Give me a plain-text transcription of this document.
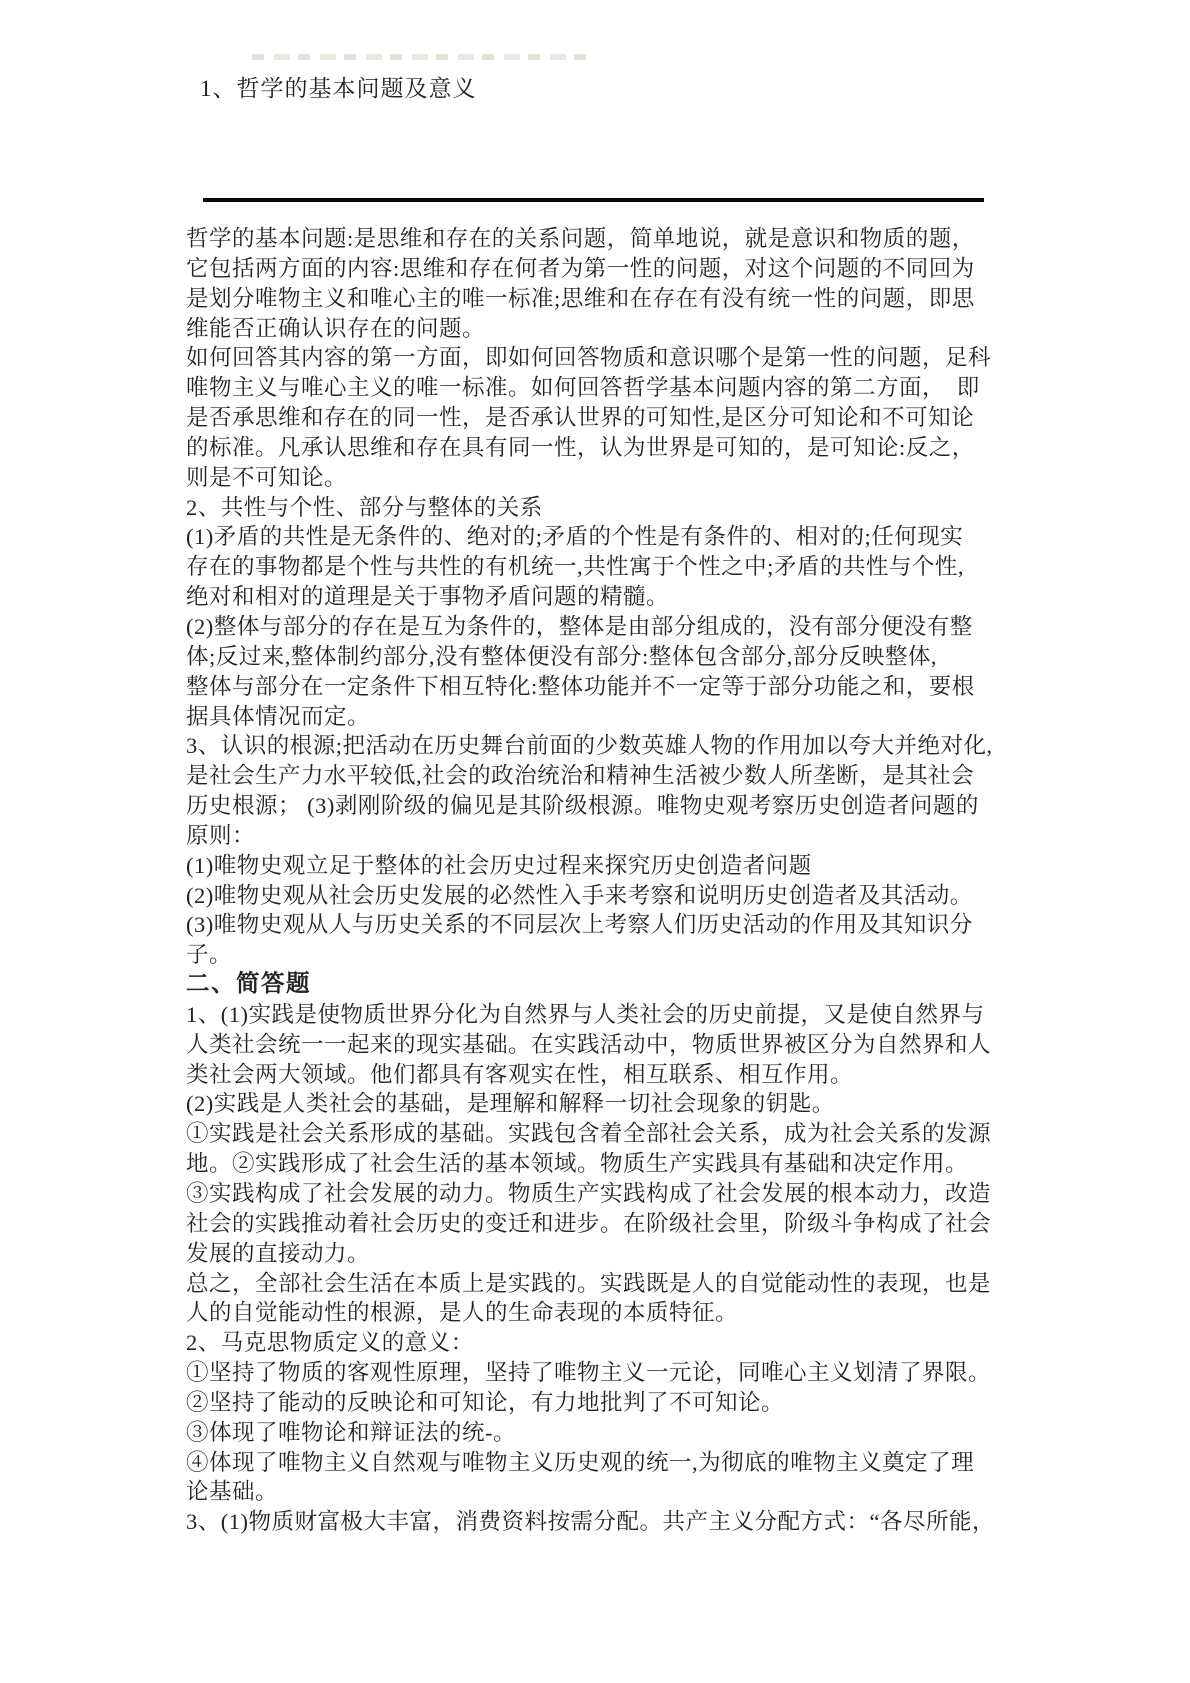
1、哲学的基本问题及意义
哲学的基本问题:是思维和存在的关系问题，简单地说，就是意识和物质的题，
它包括两方面的内容:思维和存在何者为第一性的问题，对这个问题的不同回为
是划分唯物主义和唯心主的唯一标准;思维和在存在有没有统一性的问题，即思
维能否正确认识存在的问题。
如何回答其内容的第一方面，即如何回答物质和意识哪个是第一性的问题，足科
唯物主义与唯心主义的唯一标准。如何回答哲学基本问题内容的第二方面，　即
是否承思维和存在的同一性，是否承认世界的可知性,是区分可知论和不可知论
的标准。凡承认思维和存在具有同一性，认为世界是可知的，是可知论:反之，
则是不可知论。
2、共性与个性、部分与整体的关系
(1)矛盾的共性是无条件的、绝对的;矛盾的个性是有条件的、相对的;任何现实
存在的事物都是个性与共性的有机统一,共性寓于个性之中;矛盾的共性与个性,
绝对和相对的道理是关于事物矛盾问题的精髓。
(2)整体与部分的存在是互为条件的，整体是由部分组成的，没有部分便没有整
体;反过来,整体制约部分,没有整体便没有部分:整体包含部分,部分反映整体,
整体与部分在一定条件下相互特化:整体功能并不一定等于部分功能之和，要根
据具体情况而定。
3、认识的根源;把活动在历史舞台前面的少数英雄人物的作用加以夸大并绝对化,
是社会生产力水平较低,社会的政治统治和精神生活被少数人所垄断，是其社会
历史根源； (3)剥刚阶级的偏见是其阶级根源。唯物史观考察历史创造者问题的
原则：
(1)唯物史观立足于整体的社会历史过程来探究历史创造者问题
(2)唯物史观从社会历史发展的必然性入手来考察和说明历史创造者及其活动。
(3)唯物史观从人与历史关系的不同层次上考察人们历史活动的作用及其知识分
子。
二、简答题
1、(1)实践是使物质世界分化为自然界与人类社会的历史前提，又是使自然界与
人类社会统一一起来的现实基础。在实践活动中，物质世界被区分为自然界和人
类社会两大领域。他们都具有客观实在性，相互联系、相互作用。
(2)实践是人类社会的基础，是理解和解释一切社会现象的钥匙。
①实践是社会关系形成的基础。实践包含着全部社会关系，成为社会关系的发源
地。②实践形成了社会生活的基本领域。物质生产实践具有基础和决定作用。
③实践构成了社会发展的动力。物质生产实践构成了社会发展的根本动力，改造
社会的实践推动着社会历史的变迁和进步。在阶级社会里，阶级斗争构成了社会
发展的直接动力。
总之，全部社会生活在本质上是实践的。实践既是人的自觉能动性的表现，也是
人的自觉能动性的根源，是人的生命表现的本质特征。
2、马克思物质定义的意义：
①坚持了物质的客观性原理，坚持了唯物主义一元论，同唯心主义划清了界限。
②坚持了能动的反映论和可知论，有力地批判了不可知论。
③体现了唯物论和辩证法的统-。
④体现了唯物主义自然观与唯物主义历史观的统一,为彻底的唯物主义奠定了理
论基础。
3、(1)物质财富极大丰富，消费资料按需分配。共产主义分配方式：“各尽所能，
